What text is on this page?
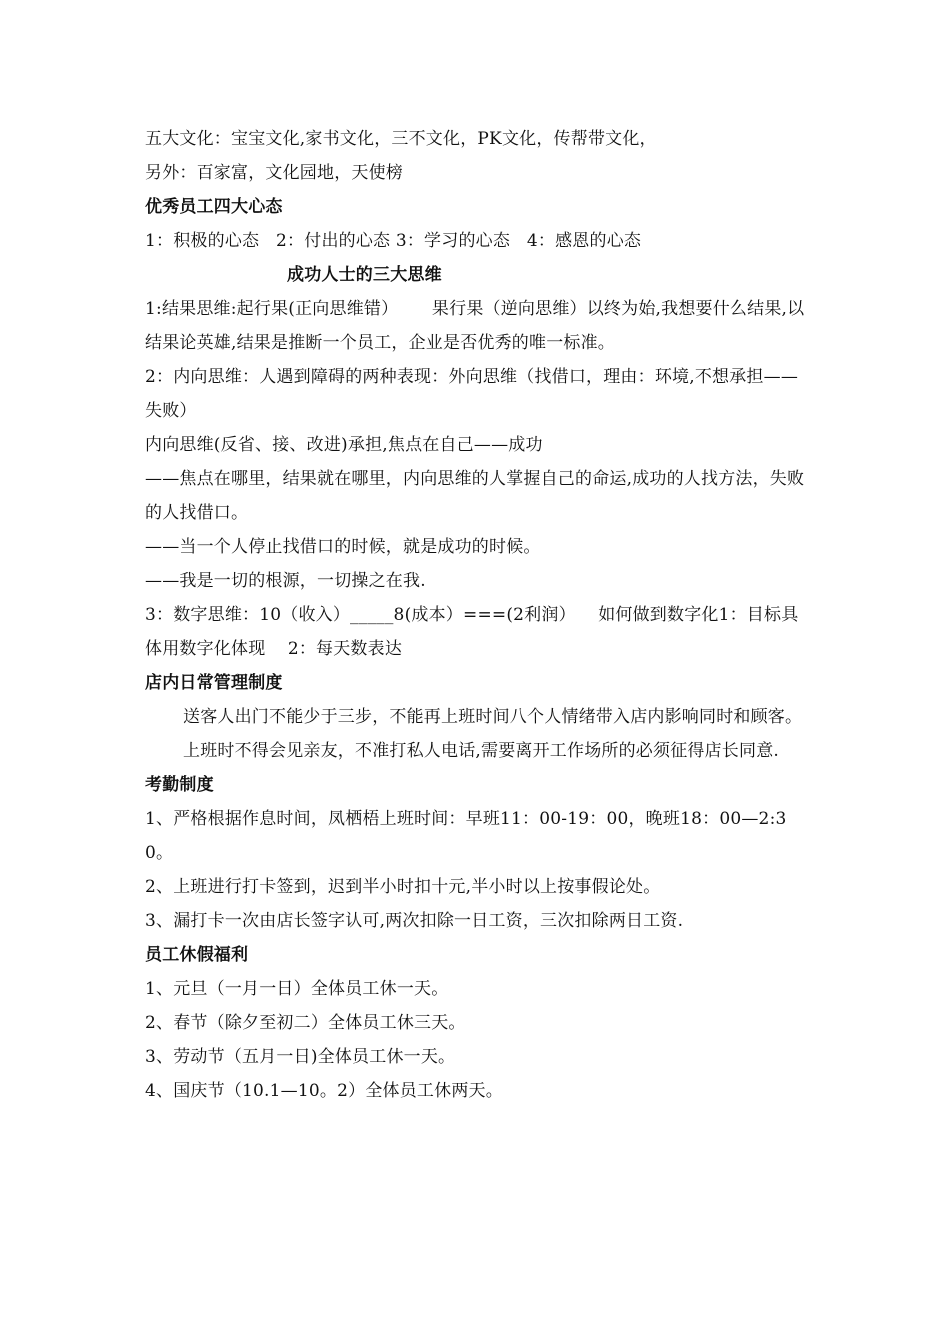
五大文化：宝宝文化,家书文化，三不文化，PK文化，传帮带文化，

另外：百家富，文化园地，天使榜

优秀员工四大心态

1：积极的心态   2：付出的心态 3：学习的心态   4：感恩的心态

成功人士的三大思维

1:结果思维:起行果(正向思维错）      果行果（逆向思维）以终为始,我想要什么结果,以结果论英雄,结果是推断一个员工，企业是否优秀的唯一标准。

2：内向思维：人遇到障碍的两种表现：外向思维（找借口，理由：环境,不想承担——失败）

内向思维(反省、接、改进)承担,焦点在自己——成功

——焦点在哪里，结果就在哪里，内向思维的人掌握自己的命运,成功的人找方法，失败的人找借口。

——当一个人停止找借口的时候，就是成功的时候。

——我是一切的根源，一切操之在我.

3：数字思维：10（收入）_____8(成本）===(2利润）    如何做到数字化1：目标具体用数字化体现    2：每天数表达

店内日常管理制度

送客人出门不能少于三步，不能再上班时间八个人情绪带入店内影响同时和顾客。

上班时不得会见亲友，不准打私人电话,需要离开工作场所的必须征得店长同意.

考勤制度

1、严格根据作息时间，凤栖梧上班时间：早班11：00-19：00，晚班18：00—2:30。

2、上班进行打卡签到，迟到半小时扣十元,半小时以上按事假论处。

3、漏打卡一次由店长签字认可,两次扣除一日工资，三次扣除两日工资.

员工休假福利

1、元旦（一月一日）全体员工休一天。

2、春节（除夕至初二）全体员工休三天。

3、劳动节（五月一日)全体员工休一天。

4、国庆节（10.1—10。2）全体员工休两天。
